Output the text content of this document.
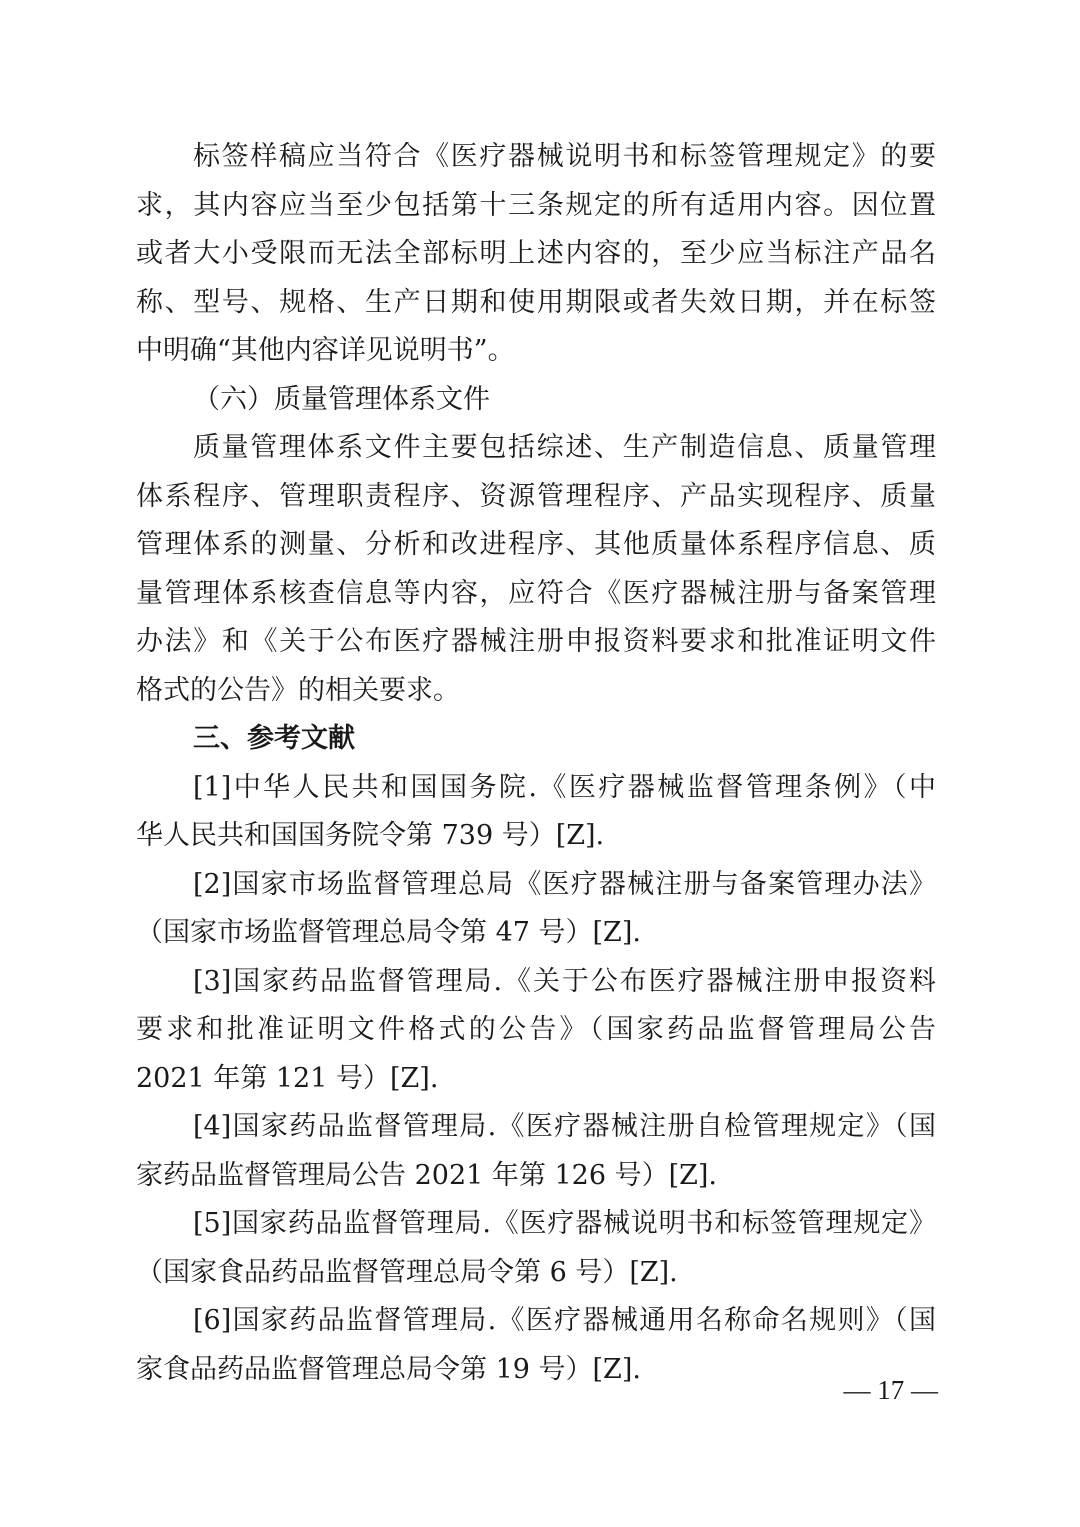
标签样稿应当符合《医疗器械说明书和标签管理规定》的要
求，其内容应当至少包括第十三条规定的所有适用内容。因位置
或者大小受限而无法全部标明上述内容的，至少应当标注产品名
称、型号、规格、生产日期和使用期限或者失效日期，并在标签
中明确“其他内容详见说明书”。
（六）质量管理体系文件
质量管理体系文件主要包括综述、生产制造信息、质量管理
体系程序、管理职责程序、资源管理程序、产品实现程序、质量
管理体系的测量、分析和改进程序、其他质量体系程序信息、质
量管理体系核查信息等内容，应符合《医疗器械注册与备案管理
办法》和《关于公布医疗器械注册申报资料要求和批准证明文件
格式的公告》的相关要求。
三、参考文献
[1]中华人民共和国国务院.《医疗器械监督管理条例》（中
华人民共和国国务院令第 739 号）[Z].
[2]国家市场监督管理总局《医疗器械注册与备案管理办法》
（国家市场监督管理总局令第 47 号）[Z].
[3]国家药品监督管理局.《关于公布医疗器械注册申报资料
要求和批准证明文件格式的公告》（国家药品监督管理局公告
2021 年第 121 号）[Z].
[4]国家药品监督管理局.《医疗器械注册自检管理规定》（国
家药品监督管理局公告 2021 年第 126 号）[Z].
[5]国家药品监督管理局.《医疗器械说明书和标签管理规定》
（国家食品药品监督管理总局令第 6 号）[Z].
[6]国家药品监督管理局.《医疗器械通用名称命名规则》（国
家食品药品监督管理总局令第 19 号）[Z].
— 17 —
